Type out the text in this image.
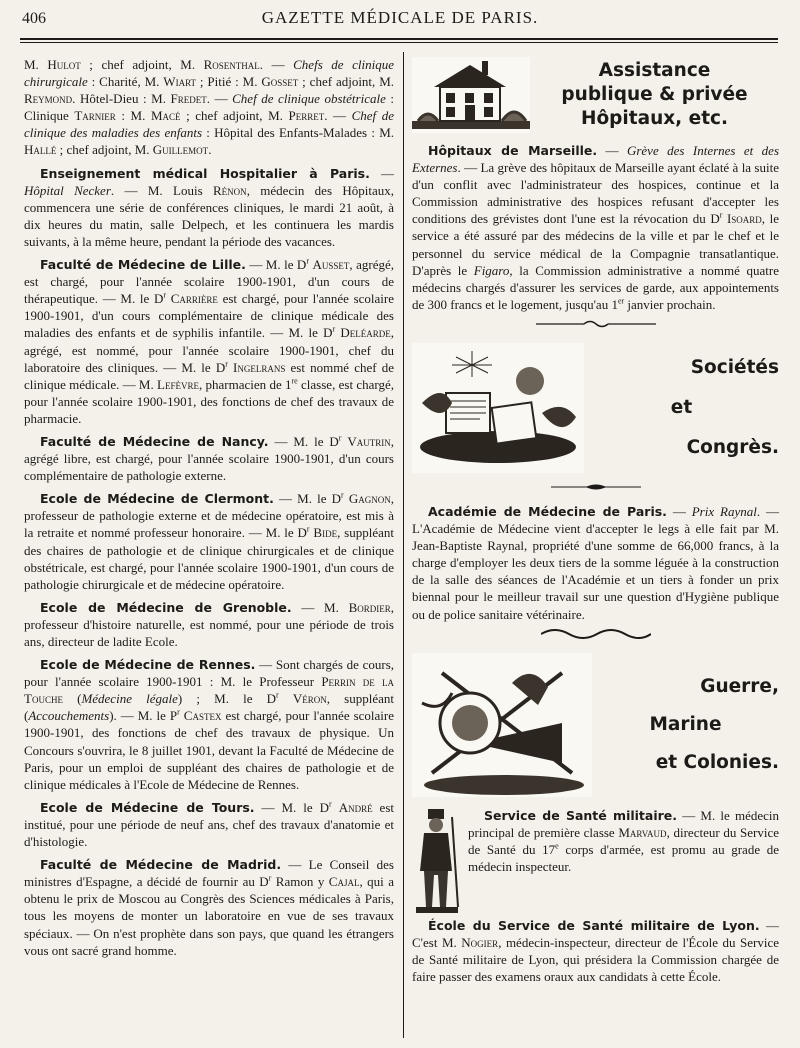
406	GAZETTE MÉDICALE DE PARIS.

M. Hulot ; chef adjoint, M. Rosenthal. — Chefs de clinique chirurgicale : Charité, M. Wiart ; Pitié : M. Gosset ; chef adjoint, M. Reymond. Hôtel-Dieu : M. Fredet. — Chef de clinique obstétricale : Clinique Tarnier : M. Macé ; chef adjoint, M. Perret. — Chef de clinique des maladies des enfants : Hôpital des Enfants-Malades : M. Hallé ; chef adjoint, M. Guillemot.

Enseignement médical Hospitalier à Paris. — Hôpital Necker. — M. Louis Rénon, médecin des Hôpitaux, commencera une série de conférences cliniques, le mardi 21 août, à dix heures du matin, salle Delpech, et les continuera les mardis suivants, à la même heure, pendant la période des vacances.

Faculté de Médecine de Lille. — M. le $D^r$ Ausset, agrégé, est chargé, pour l'année scolaire 1900-1901, d'un cours de thérapeutique. — M. le $D^r$ Carrière est chargé, pour l'année scolaire 1900-1901, d'un cours complémentaire de clinique médicale des maladies des enfants et de syphilis infantile. — M. le $D^r$ Deléarde, agrégé, est nommé, pour l'année scolaire 1900-1901, chef du laboratoire des cliniques. — M. le $D^r$ Ingelrans est nommé chef de clinique médicale. — M. Lefèvre, pharmacien de 1re classe, est chargé, pour l'année scolaire 1900-1901, des fonctions de chef des travaux de pharmacie.

Faculté de Médecine de Nancy. — M. le $D^r$ Vautrin, agrégé libre, est chargé, pour l'année scolaire 1900-1901, d'un cours complémentaire de pathologie externe.

Ecole de Médecine de Clermont. — M. le $D^r$ Gagnon, professeur de pathologie externe et de médecine opératoire, est mis à la retraite et nommé professeur honoraire. — M. le $D^r$ Bide, suppléant des chaires de pathologie et de clinique chirurgicales et de clinique obstétricale, est chargé, pour l'année scolaire 1900-1901, d'un cours de pathologie chirurgicale et de médecine opératoire.

Ecole de Médecine de Grenoble. — M. Bordier, professeur d'histoire naturelle, est nommé, pour une période de trois ans, directeur de ladite Ecole.

Ecole de Médecine de Rennes. — Sont chargés de cours, pour l'année scolaire 1900-1901 : M. le Professeur Perrin de la Touche (Médecine légale) ; M. le $D^r$ Véron, suppléant (Accouchements). — M. le $P^r$ Castex est chargé, pour l'année scolaire 1900-1901, des fonctions de chef des travaux de physique. Un Concours s'ouvrira, le 8 juillet 1901, devant la Faculté de Médecine de Paris, pour un emploi de suppléant des chaires de pathologie et de clinique médicales à l'Ecole de Médecine de Rennes.

Ecole de Médecine de Tours. — M. le $D^r$ André est institué, pour une période de neuf ans, chef des travaux d'anatomie et d'histologie.

Faculté de Médecine de Madrid. — Le Conseil des ministres d'Espagne, a décidé de fournir au $D^r$ Ramon y Cajal, qui a obtenu le prix de Moscou au Congrès des Sciences médicales à Paris, tous les moyens de monter un laboratoire en vue de ses travaux spéciaux. — On n'est prophète dans son pays, que quand les étrangers vous ont sacré grand homme.

Assistance
publique & privée
Hôpitaux, etc.

Hôpitaux de Marseille. — Grève des Internes et des Externes. — La grève des hôpitaux de Marseille ayant éclaté à la suite d'un conflit avec l'administrateur des hospices, continue et la Commission administrative des hospices refusant d'accepter les conditions des grévistes dont l'une est la révocation du $D^r$ Isoard, le service a été assuré par des médecins de la ville et par le chef et le personnel du service médical de la Compagnie transatlantique. D'après le Figaro, la Commission administrative a nommé quatre médecins chargés d'assurer les services de garde, aux appointements de 300 francs et le logement, jusqu'au 1er janvier prochain.

Sociétés
et
Congrès.

Académie de Médecine de Paris. — Prix Raynal. — L'Académie de Médecine vient d'accepter le legs à elle fait par M. Jean-Baptiste Raynal, propriété d'une somme de 66,000 francs, à la charge d'employer les deux tiers de la somme léguée à la construction de la salle des séances de l'Académie et un tiers à fonder un prix biennal pour le meilleur travail sur une question d'Hygiène publique ou de police sanitaire vétérinaire.

Guerre,
Marine
et Colonies.

Service de Santé militaire. — M. le médecin principal de première classe Marvaud, directeur du Service de Santé du 17e corps d'armée, est promu au grade de médecin inspecteur.

École du Service de Santé militaire de Lyon. — C'est M. Nogier, médecin-inspecteur, directeur de l'École du Service de Santé militaire de Lyon, qui présidera la Commission chargée de faire passer des examens oraux aux candidats à cette École.
